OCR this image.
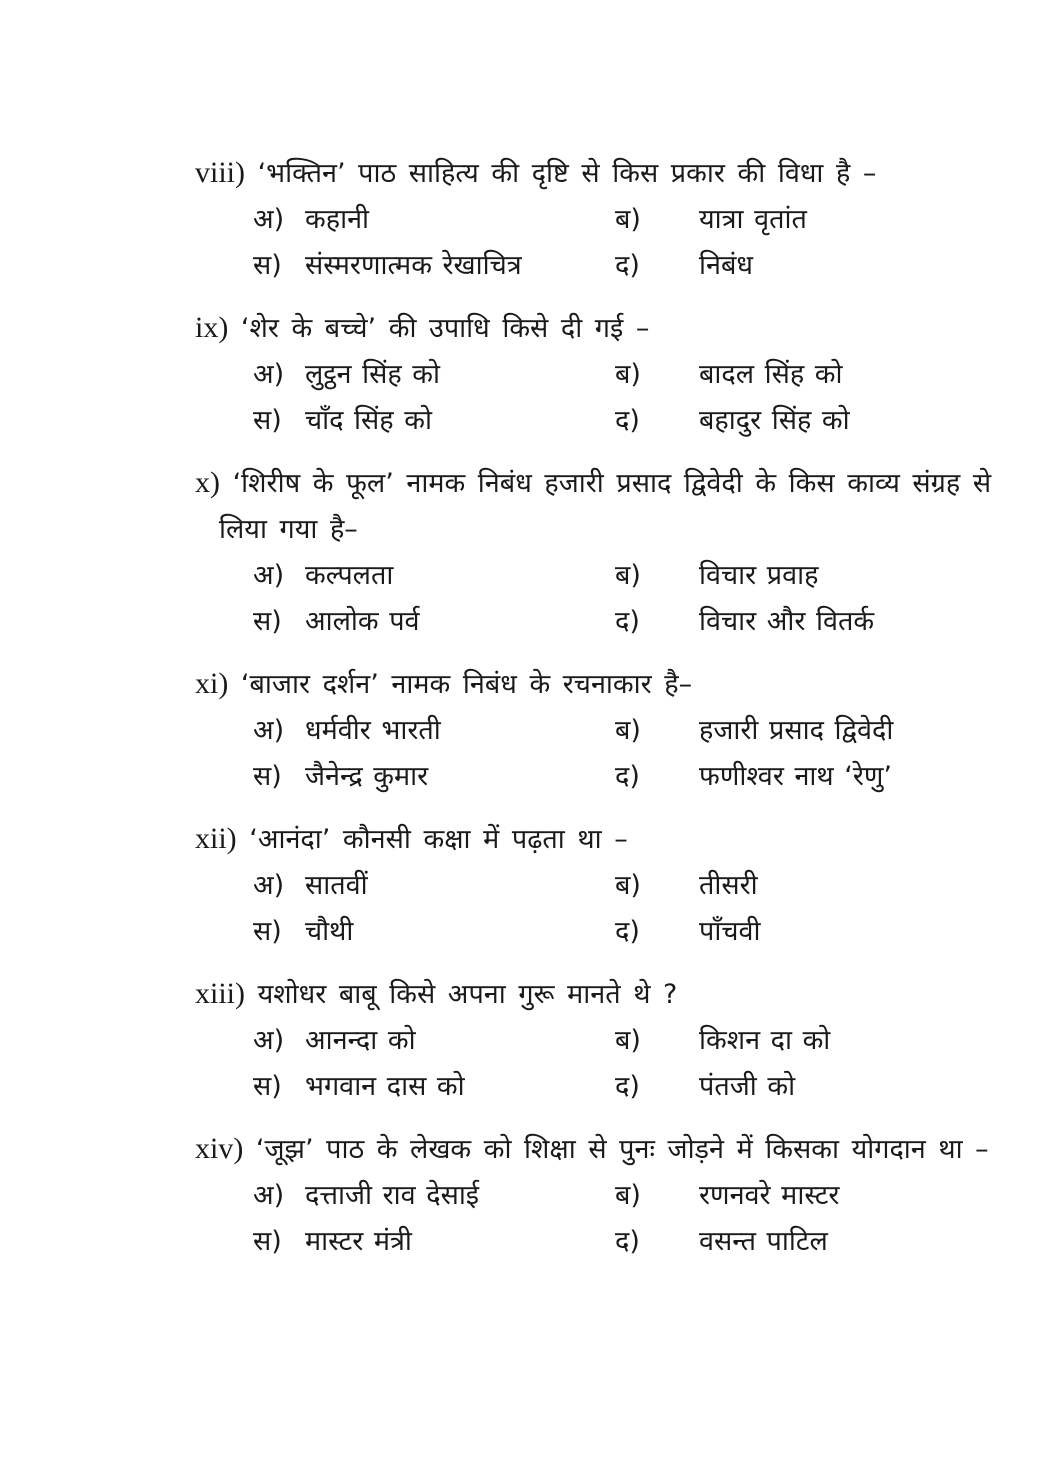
viii) ‘भक्तिन’ पाठ साहित्य की दृष्टि से किस प्रकार की विधा है –

अ) कहानी	ब)	यात्रा वृतांत
स) संस्मरणात्मक रेखाचित्र	द)	निबंध

ix) ‘शेर के बच्चे’ की उपाधि किसे दी गई –

अ) लुट्ठन सिंह को	ब)	बादल सिंह को
स) चाँद सिंह को	द)	बहादुर सिंह को

x) ‘शिरीष के फूल’ नामक निबंध हजारी प्रसाद द्विवेदी के किस काव्य संग्रह से

लिया गया है–

अ) कल्पलता	ब)	विचार प्रवाह
स) आलोक पर्व	द)	विचार और वितर्क

xi) ‘बाजार दर्शन’ नामक निबंध के रचनाकार है–

अ) धर्मवीर भारती	ब)	हजारी प्रसाद द्विवेदी
स) जैनेन्द्र कुमार	द)	फणीश्वर नाथ ‘रेणु’

xii) ‘आनंदा’ कौनसी कक्षा में पढ़ता था –

अ) सातवीं	ब)	तीसरी
स) चौथी	द)	पाँचवी

xiii) यशोधर बाबू किसे अपना गुरू मानते थे ?

अ) आनन्दा को	ब)	किशन दा को
स) भगवान दास को	द)	पंतजी को

xiv) ‘जूझ’ पाठ के लेखक को शिक्षा से पुनः जोड़ने में किसका योगदान था –

अ) दत्ताजी राव देसाई	ब)	रणनवरे मास्टर
स) मास्टर मंत्री	द)	वसन्त पाटिल
